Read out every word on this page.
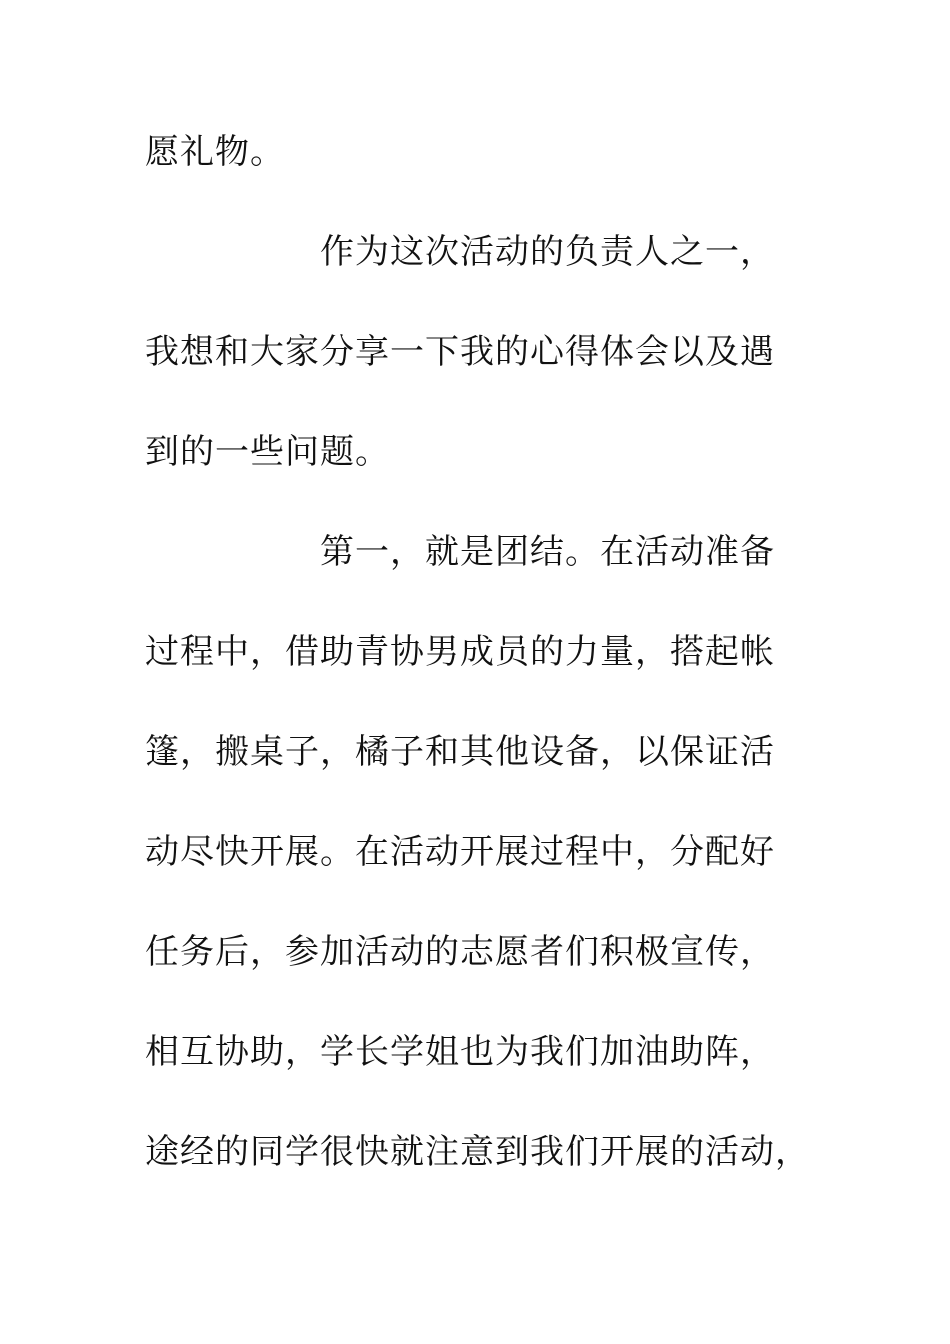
愿礼物。
作为这次活动的负责人之一，
我想和大家分享一下我的心得体会以及遇
到的一些问题。
第一，就是团结。在活动准备
过程中，借助青协男成员的力量，搭起帐
篷，搬桌子，橘子和其他设备，以保证活
动尽快开展。在活动开展过程中，分配好
任务后，参加活动的志愿者们积极宣传，
相互协助，学长学姐也为我们加油助阵，
途经的同学很快就注意到我们开展的活动，
